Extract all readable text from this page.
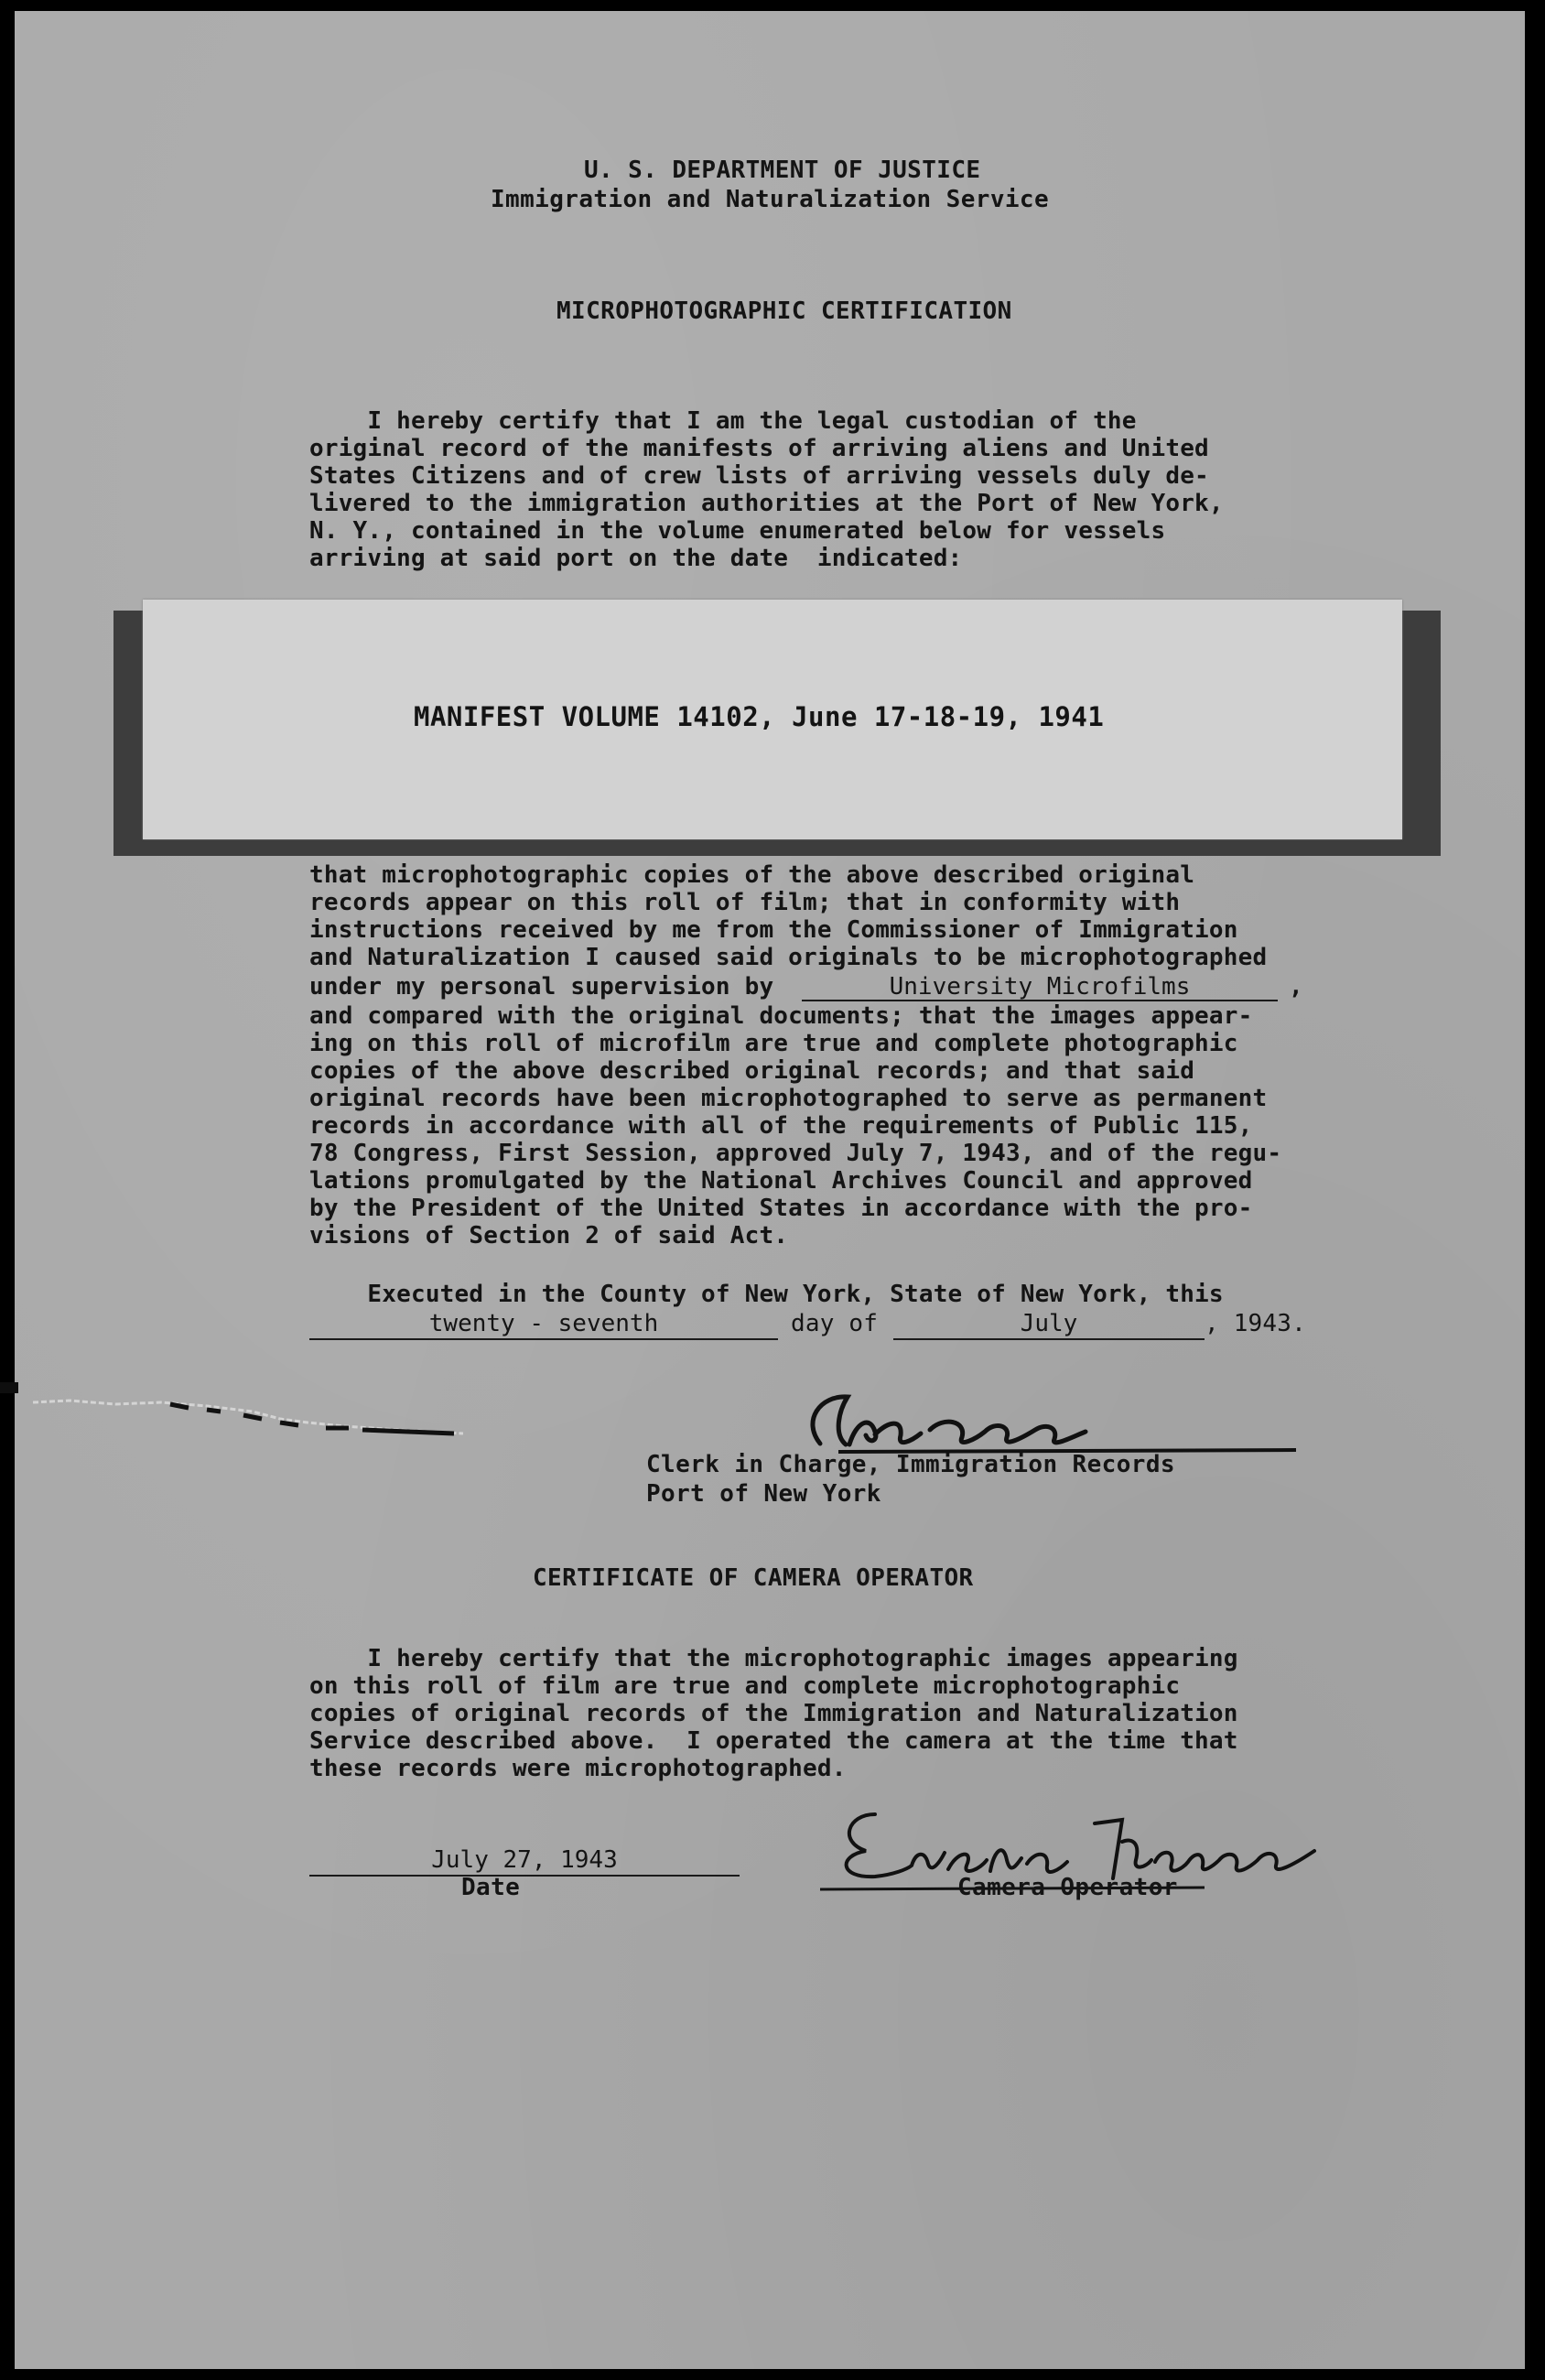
U. S. DEPARTMENT OF JUSTICE
Immigration and Naturalization Service
MICROPHOTOGRAPHIC CERTIFICATION
I hereby certify that I am the legal custodian of the
original record of the manifests of arriving aliens and United
States Citizens and of crew lists of arriving vessels duly de-
livered to the immigration authorities at the Port of New York,
N. Y., contained in the volume enumerated below for vessels
arriving at said port on the date  indicated:
MANIFEST VOLUME 14102, June 17-18-19, 1941
that microphotographic copies of the above described original
records appear on this roll of film; that in conformity with
instructions received by me from the Commissioner of Immigration
and Naturalization I caused said originals to be microphotographed
under my personal supervision by	University Microfilms	,
and compared with the original documents; that the images appear-
ing on this roll of microfilm are true and complete photographic
copies of the above described original records; and that said
original records have been microphotographed to serve as permanent
records in accordance with all of the requirements of Public 115,
78 Congress, First Session, approved July 7, 1943, and of the regu-
lations promulgated by the National Archives Council and approved
by the President of the United States in accordance with the pro-
visions of Section 2 of said Act.
Executed in the County of New York, State of New York, this
twenty - seventh	day of	July	, 1943.
Clerk in Charge, Immigration Records
Port of New York
CERTIFICATE OF CAMERA OPERATOR
I hereby certify that the microphotographic images appearing
on this roll of film are true and complete microphotographic
copies of original records of the Immigration and Naturalization
Service described above.  I operated the camera at the time that
these records were microphotographed.
July 27, 1943
Date	Camera Operator
